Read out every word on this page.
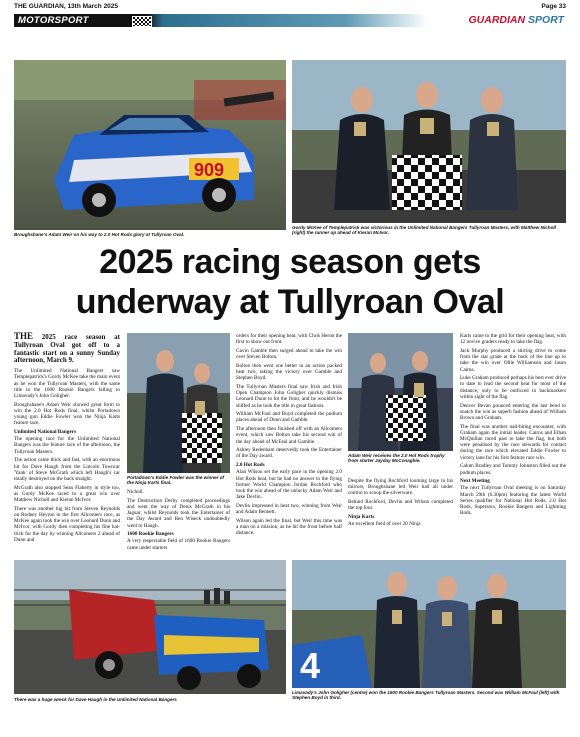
THE GUARDIAN, 13th March 2025	Page 33
MOTORSPORT	GUARDIAN SPORT
909
Broughshane's Adam Weir on his way to 2.0 Hot Rods glory at Tullyroan Oval.
Gordy McKee of Templepatrick was victorious in the Unlimited National Bangers Tullyroan Masters, with Matthew Nicholl (right) the runner up ahead of Kieran McIvor.
2025 racing season gets
underway at Tullyroan Oval

THE 2025 race season at Tullyroan Oval got off to a fantastic start on a sunny Sunday afternoon, March 9.

The Unlimited National Bangers saw Templepatrick's Gordy McKee take the main event as he won the Tullyroan Masters, with the same title in the 1600 Rookie Bangers falling to Limavady's John Goligher.

Broughshane's Adam Weir showed great form to win the 2.0 Hot Rods final, whilst Portadown young gun Eddie Fowler won the Ninja Karts feature race.

Unlimited National Bangers

The opening race for the Unlimited National Bangers was the feature race of the afternoon, the Tullyroan Masters.

The action came thick and fast, with an enormous hit for Dave Haugh from the Lincoln Towncar 'Yank' of Steve McGrath which left Haugh's car totally destroyed on the back straight.

McGrath also stopped Sean Flaherty in style too, as Gordy McKee raced to a great win over Matthew Nicholl and Kieran McIvor.

There was another big hit from Steven Reynolds on Rodney Heyron in the first Allcomers race, as McKee again took the win over Leonard Dunn and McIvor, with Gordy then completing his fine hat-trick for the day by winning Allcomers 2 ahead of Dunn and

Portadown's Eddie Fowler was the winner of the Ninja Karts final.

Nicholl.

The Destruction Derby completed proceedings and went the way of Denis McGrath in his Jaguar, whilst Reynolds took the Entertainer of the Day Award and Ben Wiseck undoubtedly went to Haugh.

1600 Rookie Bangers

A very respectable field of 1600 Rookie Bangers came under starters

orders for their opening heat, with Chris Heron the first to show out front.

Gavin Gamble then surged ahead to take the win over Steven Bolton.

Bolton then went one better in an action packed heat two, taking the victory over Gamble and Stephen Boyd.

The Tullyroan Masters final saw Irish and Irish Open Champion John Goligher quickly dismiss Leonard Dunn to hit the front, and he wouldn't be shifted as he took the title in great fashion.

William McFaul and Boyd completed the podium places ahead of Dunn and Gamble.

The afternoon then finished off with an Allcomers event, which saw Bolton take his second win of the day ahead of McFaul and Gamble.

Ashley Redenham deservedly took the Entertainer of the Day award.

2.0 Hot Rods

Alan Wilson set the early pace in the opening 2.0 Hot Rods heat, but he had no answer to the flying former World Champion Jordan Rochford who took the win ahead of the unlucky Adam Weir and Jake Devlin.

Devlin impressed in heat two, winning from Weir and Adam Bennett.

Wilson again led the final, but Weir this time was a man on a mission, as he hit the front before half distance.

Adam Weir receives the 2.0 Hot Rods trophy from starter Jayday McConaghie.

Despite the flying Rochford looming large in his mirrors, Broughshane led Weir had all under control to scoop the silverware.

Behind Rochford, Devlin and Wilson completed the top four.

Ninja Karts

An excellent field of over 20 Ninja

Karts came to the grid for their opening heat, with 12 novice graders ready to take the flag.

Jack Murphy produced a stirring drive to come from the star grade at the back of the line up to take the win over Ollie Williamson and Jason Cairns.

Luke Graham produced perhaps his best ever drive to date to lead the second heat for most of the distance, only to be outfoxed in backmarkers within sight of the flag.

Denver Bevan pounced entering the last bend to snatch the win as superb fashion ahead of William Brown and Graham.

The final was another nail-biting encounter, with Graham again the initial leader. Cairns and Ethan McQuillan raced past to take the flag, but both were penalised by the race stewards for contact during the race which elevated Eddie Fowler to victory lane for his first feature race win.

Calum Bradley and Tommy Johnston filled out the podium places.

Next Meeting

The next Tullyroan Oval meeting is on Saturday March 29th (6.30pm) featuring the latest World Series qualifier for National Hot Rods, 2.0 Hot Rods, Superstox, Rookie Bangers and Lightning Rods.

There was a huge wreck for Dave Haugh in the Unlimited National Bangers
4
Limavady's John Goligher (centre) won the 1600 Rookie Bangers Tullyroan Masters. Second was William McFaul (left) with Stephen Boyd in third.
